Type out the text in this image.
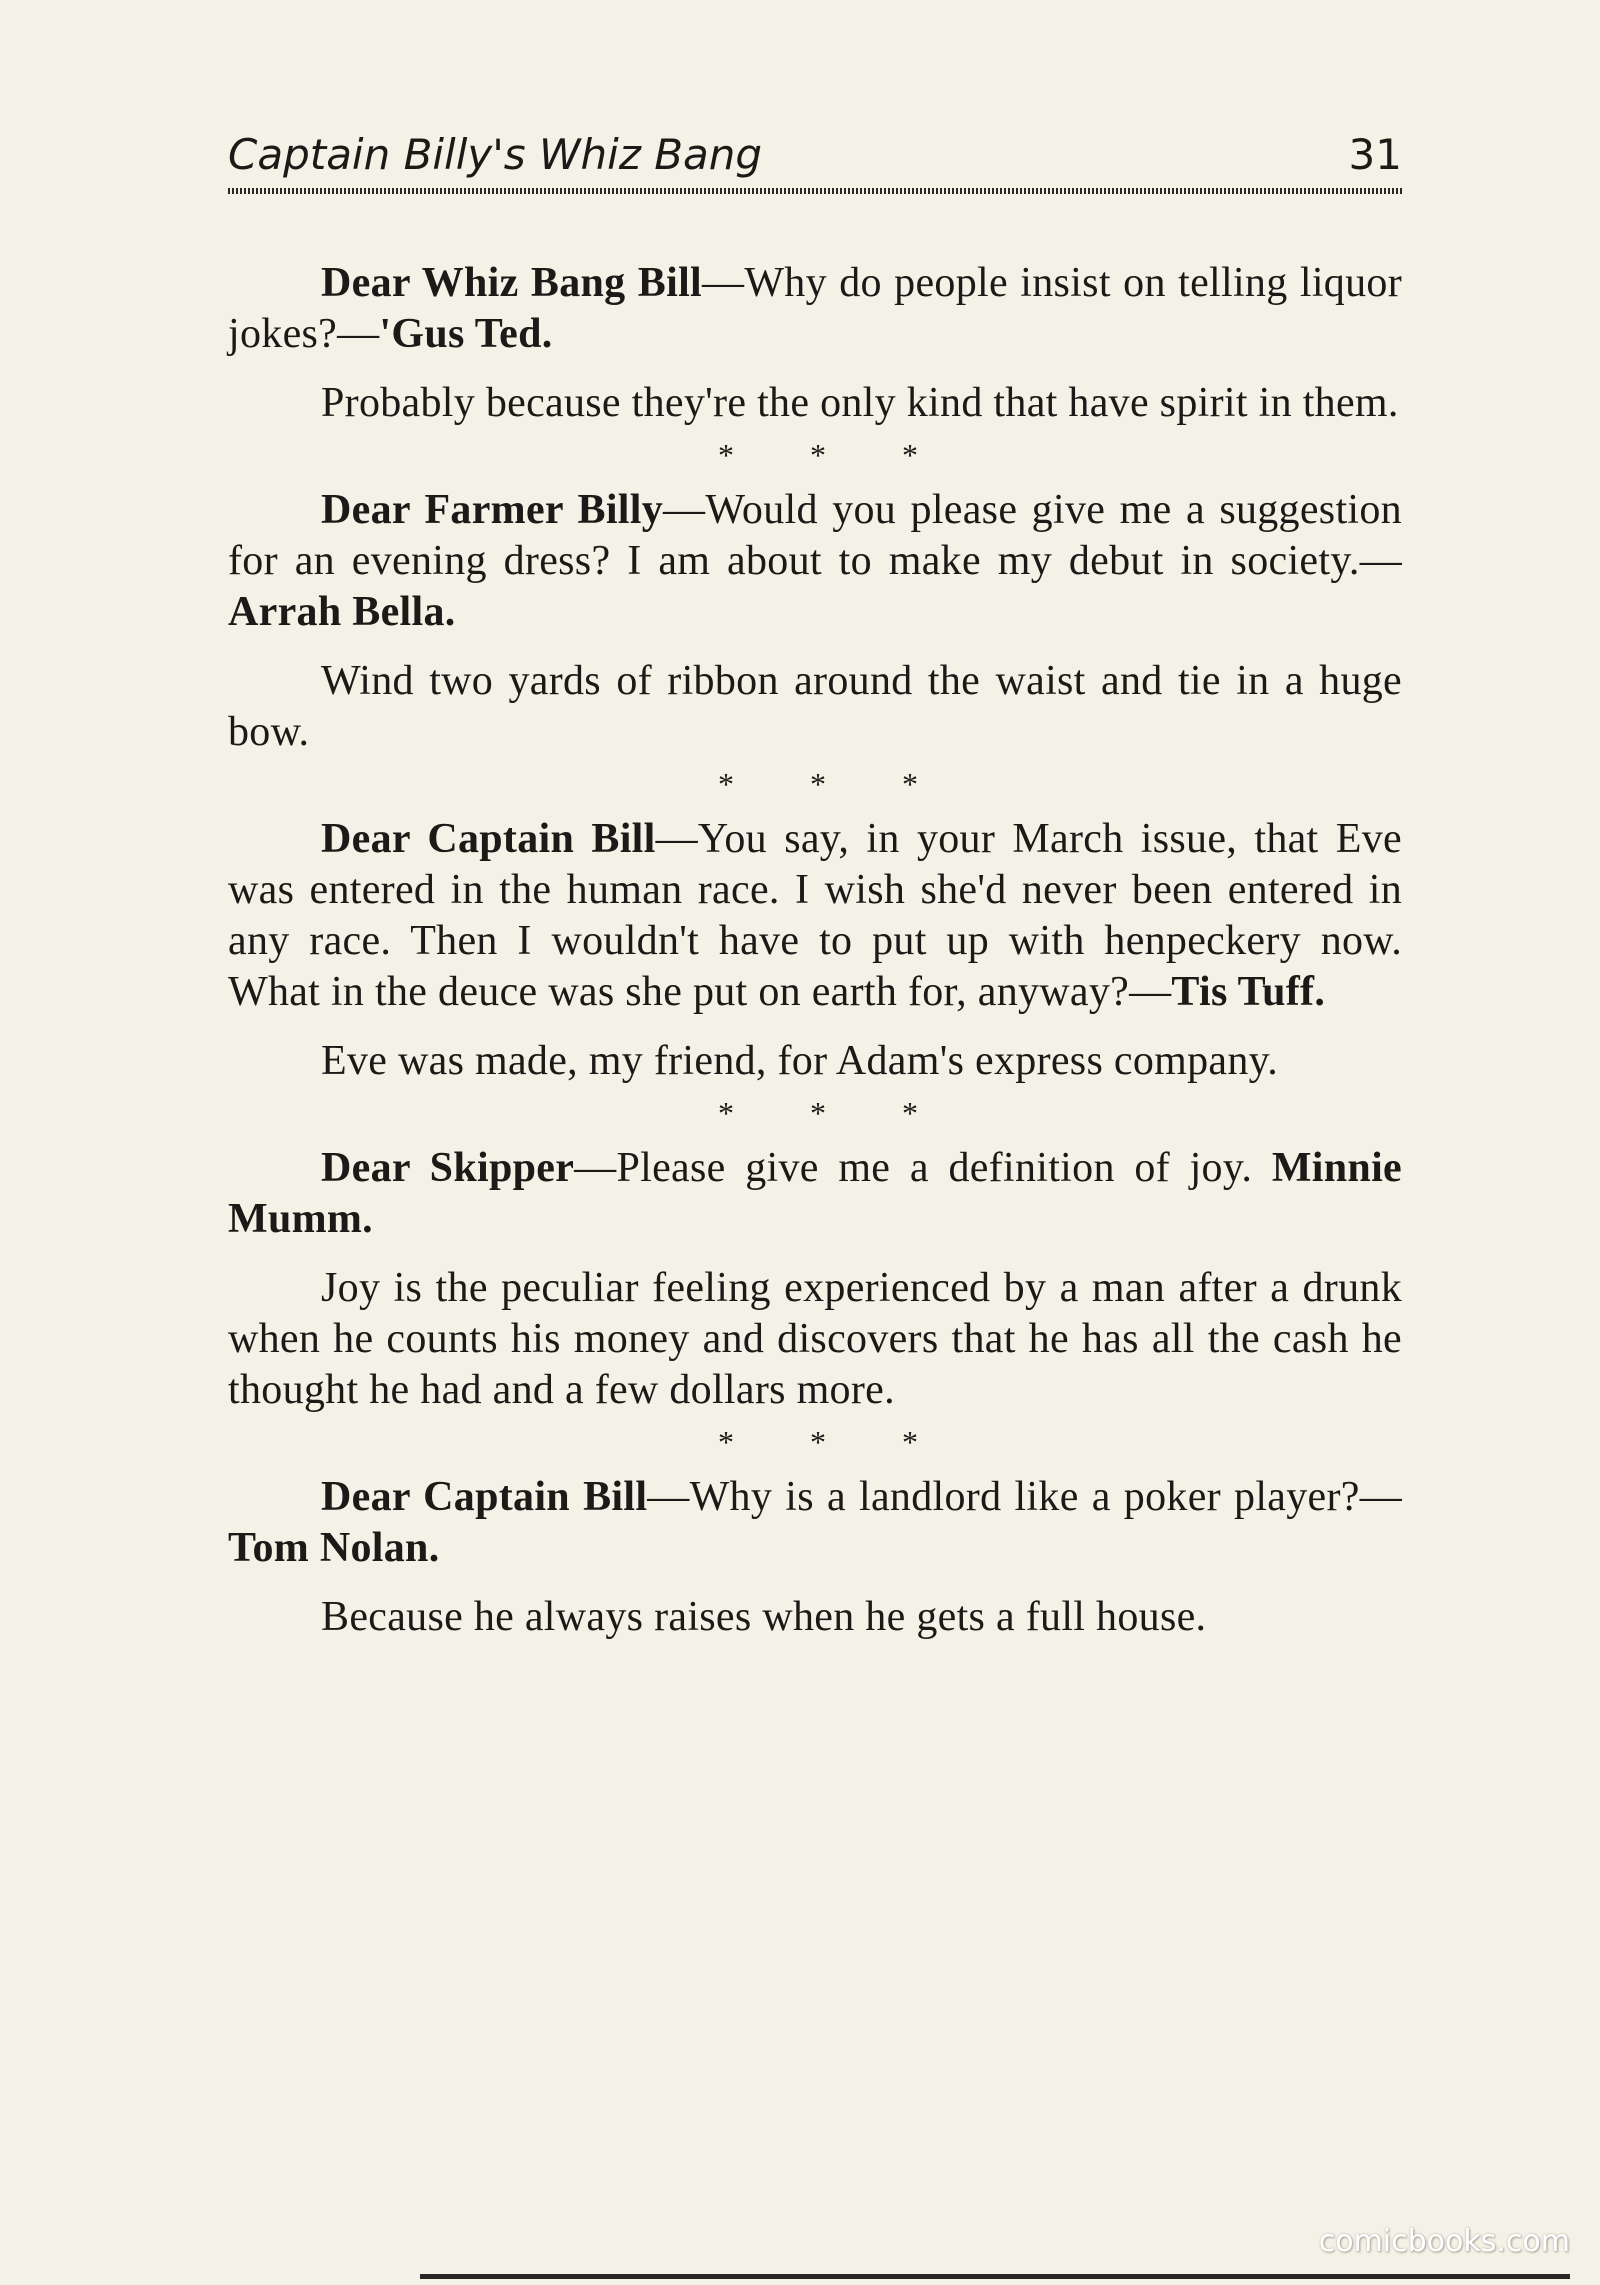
Captain Billy's Whiz Bang	31

Dear Whiz Bang Bill—Why do people insist on telling liquor jokes?—'Gus Ted.

Probably because they're the only kind that have spirit in them.

* * *

Dear Farmer Billy—Would you please give me a suggestion for an evening dress? I am about to make my debut in society.—Arrah Bella.

Wind two yards of ribbon around the waist and tie in a huge bow.

* * *

Dear Captain Bill—You say, in your March issue, that Eve was entered in the human race. I wish she'd never been entered in any race. Then I wouldn't have to put up with henpeckery now. What in the deuce was she put on earth for, anyway?—Tis Tuff.

Eve was made, my friend, for Adam's express company.

* * *

Dear Skipper—Please give me a definition of joy. Minnie Mumm.

Joy is the peculiar feeling experienced by a man after a drunk when he counts his money and discovers that he has all the cash he thought he had and a few dollars more.

* * *

Dear Captain Bill—Why is a landlord like a poker player?—Tom Nolan.

Because he always raises when he gets a full house.

comicbooks.com
